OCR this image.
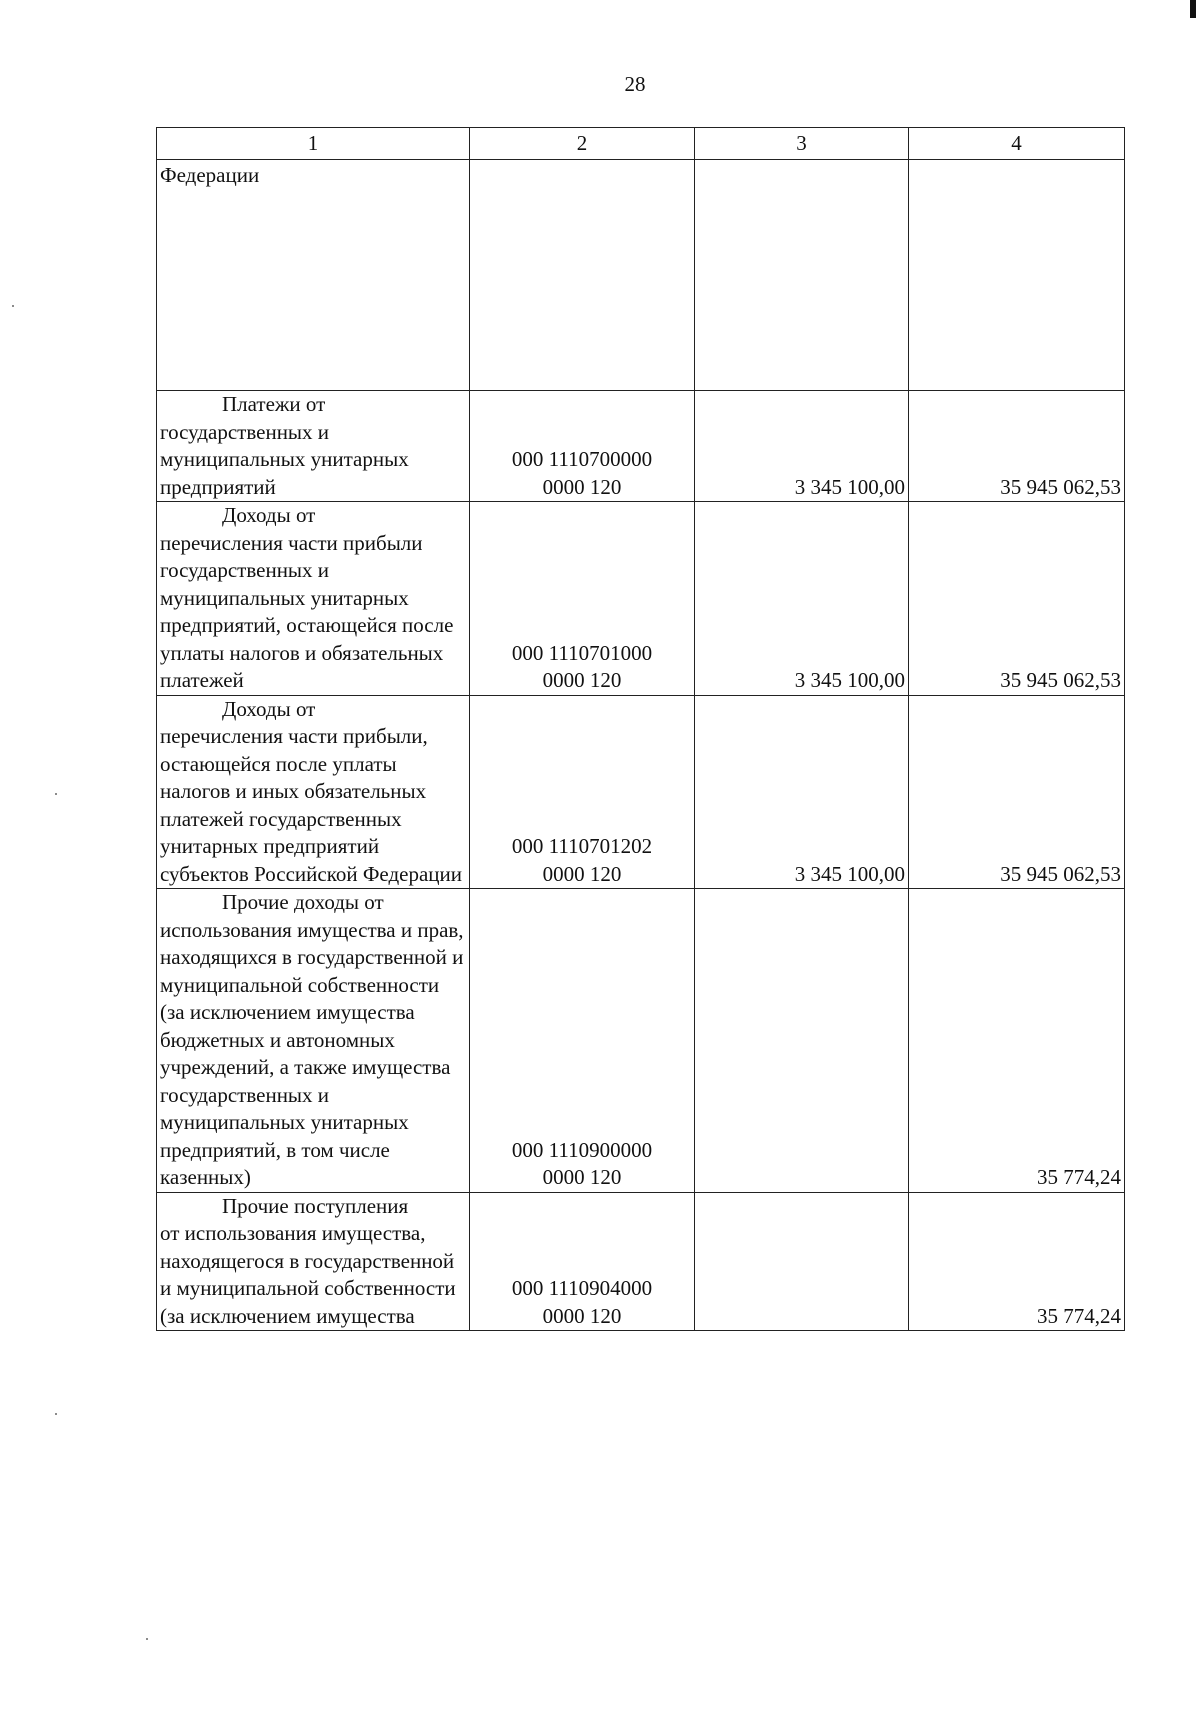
28
1	2	3	4
Федерации			

Платежи от
государственных и муниципальных унитарных предприятий	000 1110700000
0000 120	3 345 100,00	35 945 062,53

Доходы от
перечисления части прибыли государственных и муниципальных унитарных предприятий, остающейся после уплаты налогов и обязательных платежей	000 1110701000
0000 120	3 345 100,00	35 945 062,53

Доходы от
перечисления части прибыли, остающейся после уплаты налогов и иных обязательных платежей государственных унитарных предприятий субъектов Российской Федерации	000 1110701202
0000 120	3 345 100,00	35 945 062,53

Прочие доходы от
использования имущества и прав, находящихся в государственной и муниципальной собственности (за исключением имущества бюджетных и автономных учреждений, а также имущества государственных и муниципальных унитарных предприятий, в том числе казенных)	000 1110900000
0000 120		35 774,24

Прочие поступления
от использования имущества, находящегося в государственной и муниципальной собственности (за исключением имущества	000 1110904000
0000 120		35 774,24
